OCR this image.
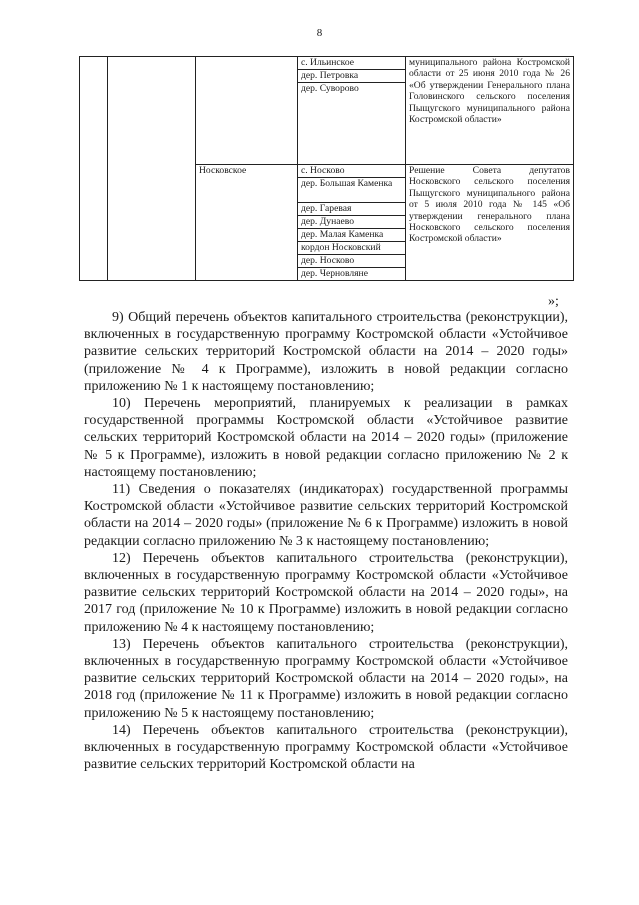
8
			с. Ильинское	муниципального района Костромской области от 25 июня 2010 года № 26 «Об утверждении Генерального плана Головинского сельского поселения Пыщугского муниципального района Костромской области»
			дер. Петровка	
			дер. Суворово	
		Носковское	с. Носково	Решение Совета депутатов Носковского сельского поселения Пыщугского муниципального района от 5 июля 2010 года № 145 «Об утверждении генерального плана Носковского сельского поселения Костромской области»
			дер. Большая Каменка	
			дер. Гаревая	
			дер. Дунаево	
			дер. Малая Каменка	
			кордон Носковский	
			дер. Носково	
			дер. Черновляне	
»;

9) Общий перечень объектов капитального строительства (реконструкции), включенных в государственную программу Костромской области «Устойчивое развитие сельских территорий Костромской области на 2014 – 2020 годы» (приложение № 4 к Программе), изложить в новой редакции согласно приложению № 1 к настоящему постановлению;

10) Перечень мероприятий, планируемых к реализации в рамках государственной программы Костромской области «Устойчивое развитие сельских территорий Костромской области на 2014 – 2020 годы» (приложение № 5 к Программе), изложить в новой редакции согласно приложению № 2 к настоящему постановлению;

11) Сведения о показателях (индикаторах) государственной программы Костромской области «Устойчивое развитие сельских территорий Костромской области на 2014 – 2020 годы» (приложение № 6 к Программе) изложить в новой редакции согласно приложению № 3 к настоящему постановлению;

12) Перечень объектов капитального строительства (реконструкции), включенных в государственную программу Костромской области «Устойчивое развитие сельских территорий Костромской области на 2014 – 2020 годы», на 2017 год (приложение № 10 к Программе) изложить в новой редакции согласно приложению № 4 к настоящему постановлению;

13) Перечень объектов капитального строительства (реконструкции), включенных в государственную программу Костромской области «Устойчивое развитие сельских территорий Костромской области на 2014 – 2020 годы», на 2018 год (приложение № 11 к Программе) изложить в новой редакции согласно приложению № 5 к настоящему постановлению;

14) Перечень объектов капитального строительства (реконструкции), включенных в государственную программу Костромской области «Устойчивое развитие сельских территорий Костромской области на
